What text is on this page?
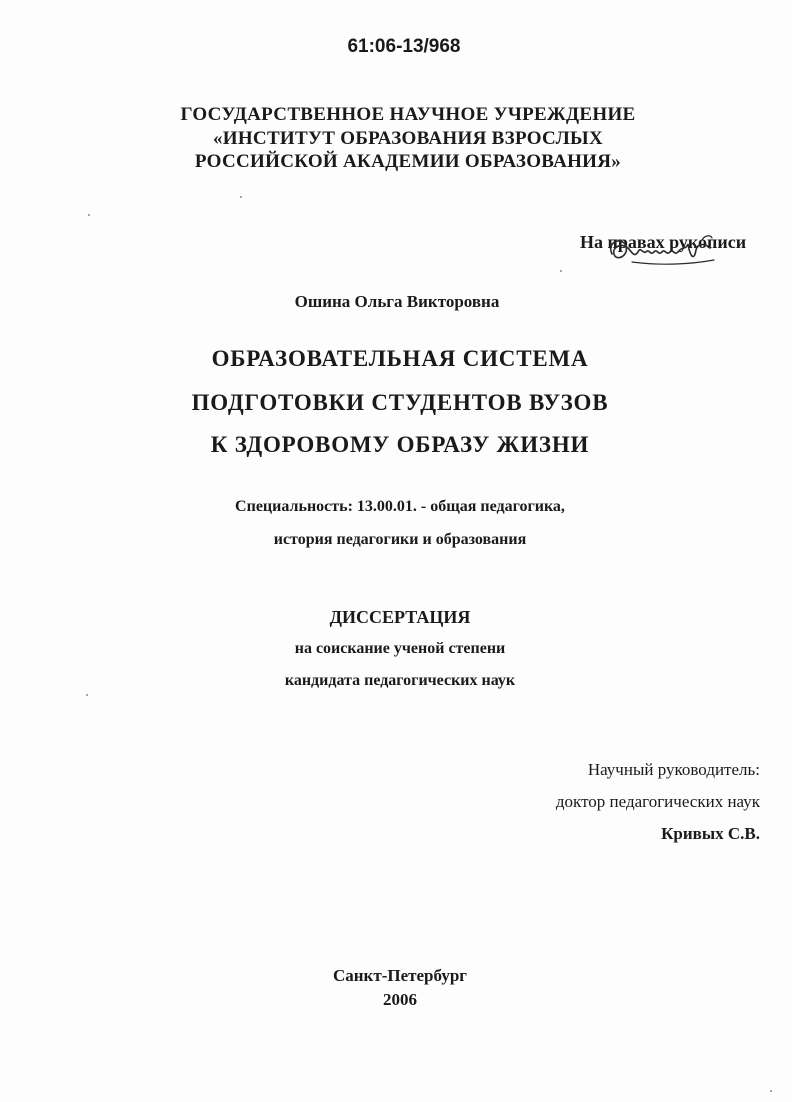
61:06-13/968

ГОСУДАРСТВЕННОЕ НАУЧНОЕ УЧРЕЖДЕНИЕ

«ИНСТИТУТ ОБРАЗОВАНИЯ ВЗРОСЛЫХ

РОССИЙСКОЙ АКАДЕМИИ ОБРАЗОВАНИЯ»

На правах рукописи

Ошина Ольга Викторовна

ОБРАЗОВАТЕЛЬНАЯ СИСТЕМА

ПОДГОТОВКИ СТУДЕНТОВ ВУЗОВ

К ЗДОРОВОМУ ОБРАЗУ ЖИЗНИ

Специальность: 13.00.01. - общая педагогика,

история педагогики и образования

ДИССЕРТАЦИЯ

на соискание ученой степени

кандидата педагогических наук

Научный руководитель:

доктор педагогических наук

Кривых С.В.

Санкт-Петербург

2006
